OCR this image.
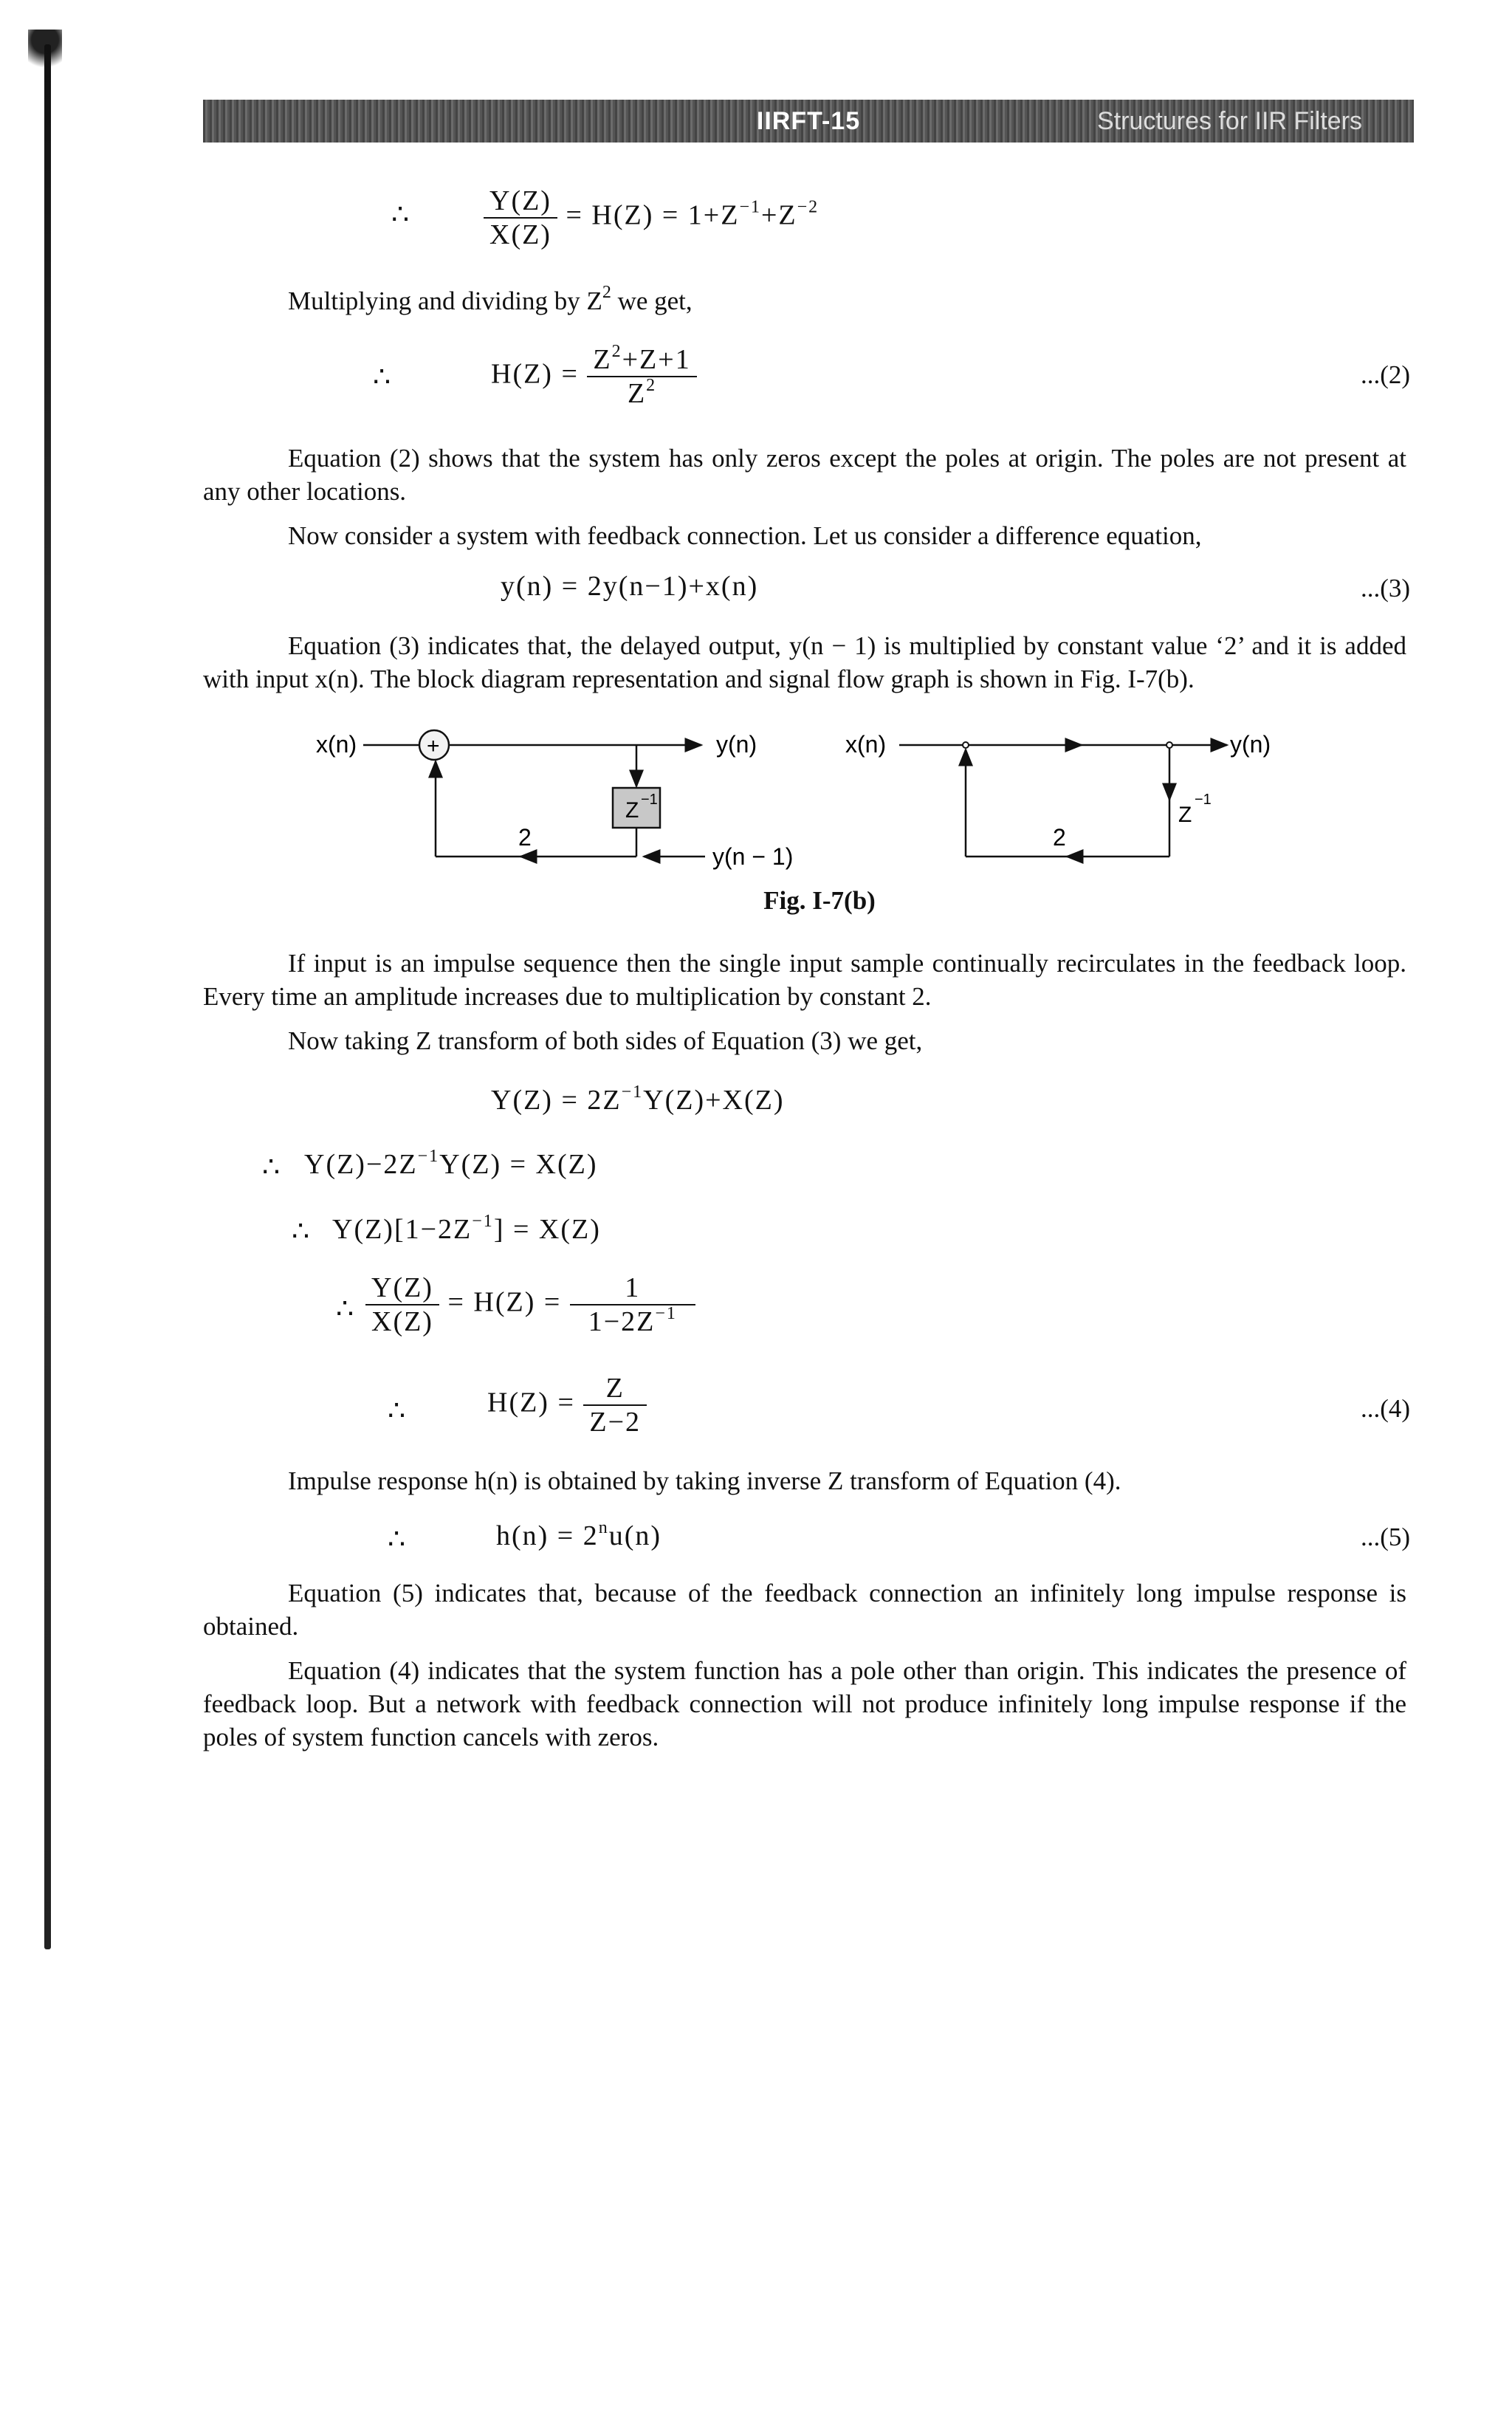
IIRFT-15	Structures for IIR Filters
∴	$\frac{Y(Z)}{X(Z)} = H(Z) = 1+Z^{-1}+Z^{-2}$
Multiplying and dividing by $Z^2$ we get,
∴	$H(Z) = \frac{Z^2+Z+1}{Z^2}$	...(2)
Equation (2) shows that the system has only zeros except the poles at origin. The poles are not present at any other locations.
Now consider a system with feedback connection. Let us consider a difference equation,
y(n) = 2y(n−1)+x(n)	...(3)
Equation (3) indicates that, the delayed output, y(n − 1) is multiplied by constant value ‘2’ and it is added with input x(n). The block diagram representation and signal flow graph is shown in Fig. I-7(b).
x(n)	+	y(n)
Z −1
2
y(n − 1)
x(n)	y(n)
Z
−1
2
Fig. I-7(b)
If input is an impulse sequence then the single input sample continually recirculates in the feedback loop. Every time an amplitude increases due to multiplication by constant 2.
Now taking Z transform of both sides of Equation (3) we get,
$Y(Z) = 2Z^{-1}Y(Z)+X(Z)$
∴ $Y(Z)-2Z^{-1}Y(Z) = X(Z)$
∴ $Y(Z)[1-2Z^{-1}] = X(Z)$
∴ $\frac{Y(Z)}{X(Z)} = H(Z) = \frac{1}{1-2Z^{-1}}$
∴	$H(Z) = \frac{Z}{Z-2}$	...(4)
Impulse response h(n) is obtained by taking inverse Z transform of Equation (4).
∴	$h(n) = 2^nu(n)$	...(5)
Equation (5) indicates that, because of the feedback connection an infinitely long impulse response is obtained.
Equation (4) indicates that the system function has a pole other than origin. This indicates the presence of feedback loop. But a network with feedback connection will not produce infinitely long impulse response if the poles of system function cancels with zeros.
